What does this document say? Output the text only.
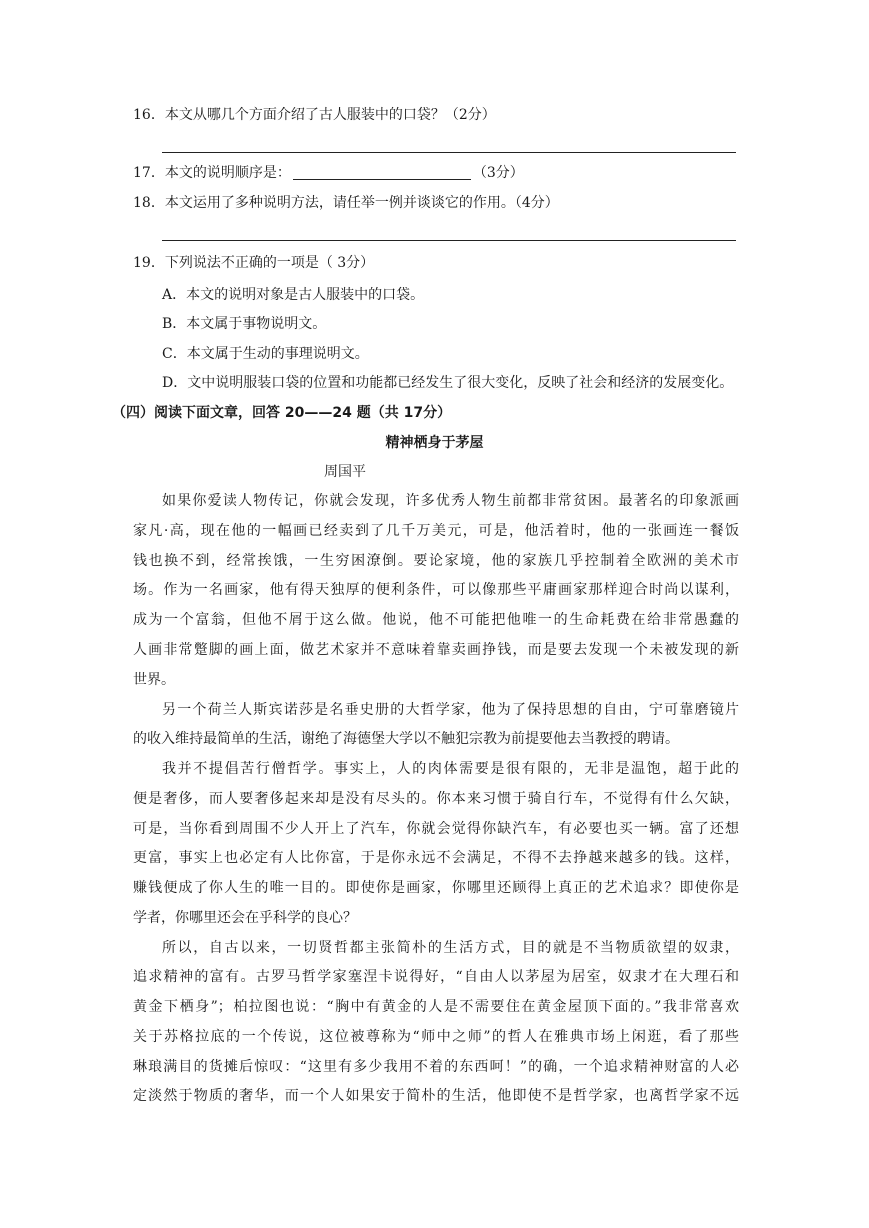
16．本文从哪几个方面介绍了古人服装中的口袋？（2分）
17．本文的说明顺序是：	（3分）
18．本文运用了多种说明方法，请任举一例并谈谈它的作用。（4分）
19．下列说法不正确的一项是（ 3分）
A．本文的说明对象是古人服装中的口袋。
B．本文属于事物说明文。
C．本文属于生动的事理说明文。
D．文中说明服装口袋的位置和功能都已经发生了很大变化，反映了社会和经济的发展变化。
（四）阅读下面文章，回答 20——24 题（共 17分）
精神栖身于茅屋
周国平
如果你爱读人物传记，你就会发现，许多优秀人物生前都非常贫困。最著名的印象派画
家凡·高，现在他的一幅画已经卖到了几千万美元，可是，他活着时，他的一张画连一餐饭
钱也换不到，经常挨饿，一生穷困潦倒。要论家境，他的家族几乎控制着全欧洲的美术市
场。作为一名画家，他有得天独厚的便利条件，可以像那些平庸画家那样迎合时尚以谋利，
成为一个富翁，但他不屑于这么做。他说，他不可能把他唯一的生命耗费在给非常愚蠢的
人画非常蹩脚的画上面，做艺术家并不意味着靠卖画挣钱，而是要去发现一个未被发现的新
世界。
另一个荷兰人斯宾诺莎是名垂史册的大哲学家，他为了保持思想的自由，宁可靠磨镜片
的收入维持最简单的生活，谢绝了海德堡大学以不触犯宗教为前提要他去当教授的聘请。
我并不提倡苦行僧哲学。事实上，人的肉体需要是很有限的，无非是温饱，超于此的
便是奢侈，而人要奢侈起来却是没有尽头的。你本来习惯于骑自行车，不觉得有什么欠缺，
可是，当你看到周围不少人开上了汽车，你就会觉得你缺汽车，有必要也买一辆。富了还想
更富，事实上也必定有人比你富，于是你永远不会满足，不得不去挣越来越多的钱。这样，
赚钱便成了你人生的唯一目的。即使你是画家，你哪里还顾得上真正的艺术追求？即使你是
学者，你哪里还会在乎科学的良心？
所以，自古以来，一切贤哲都主张简朴的生活方式，目的就是不当物质欲望的奴隶，
追求精神的富有。古罗马哲学家塞涅卡说得好，“自由人以茅屋为居室，奴隶才在大理石和
黄金下栖身”；柏拉图也说：“胸中有黄金的人是不需要住在黄金屋顶下面的。”我非常喜欢
关于苏格拉底的一个传说，这位被尊称为“师中之师”的哲人在雅典市场上闲逛，看了那些
琳琅满目的货摊后惊叹：“这里有多少我用不着的东西呵！”的确，一个追求精神财富的人必
定淡然于物质的奢华，而一个人如果安于简朴的生活，他即使不是哲学家，也离哲学家不远
